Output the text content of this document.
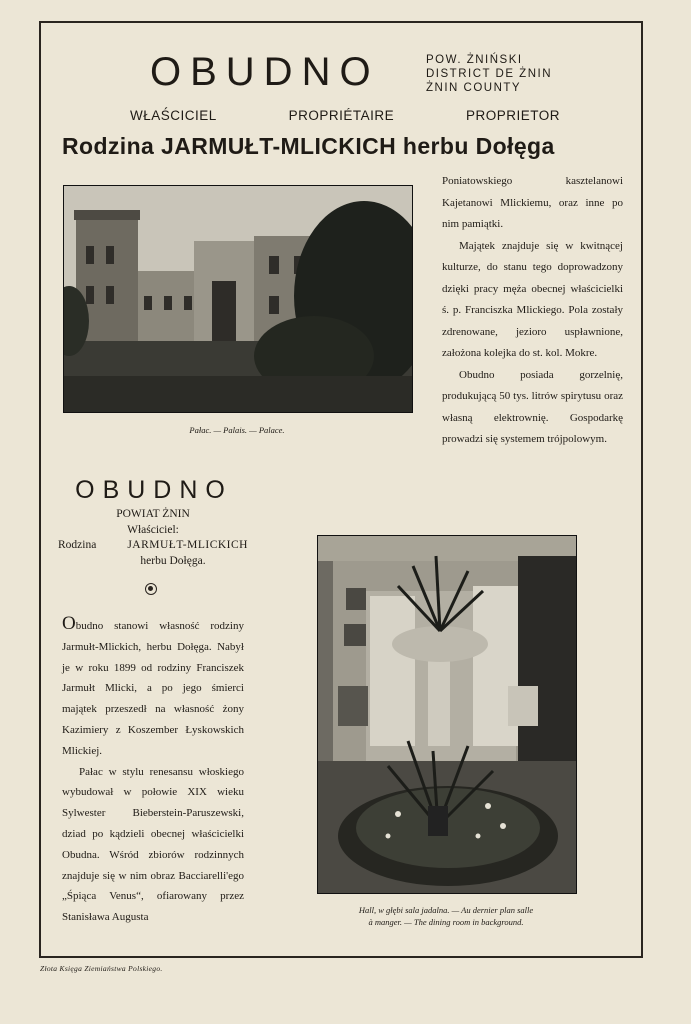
OBUDNO	POW. ŻNIŃSKI
DISTRICT DE ŻNIN
ŻNIN COUNTY
WŁAŚCICIEL	PROPRIÉTAIRE	PROPRIETOR
Rodzina JARMUŁT-MLICKICH herbu Dołęga
Pałac. — Palais. — Palace.

Poniatowskiego kasztelanowi Kajetanowi Mlickiemu, oraz inne po nim pamiątki.

Majątek znajduje się w kwitnącej kulturze, do stanu tego doprowadzony dzięki pracy męża obecnej właścicielki ś. p. Franciszka Mlickiego. Pola zostały zdrenowane, jezioro uspławnione, założona kolejka do st. kol. Mokre.

Obudno posiada gorzelnię, produkującą 50 tys. litrów spirytusu oraz własną elektrownię. Gospodarkę prowadzi się systemem trójpolowym.

OBUDNO
POWIAT ŻNIN
Właściciel:
Rodzina	JARMUŁT-MLICKICH
herbu Dołęga.

Obudno stanowi własność rodziny Jarmułt-Mlickich, herbu Dołęga. Nabył je w roku 1899 od rodziny Franciszek Jarmułt Mlicki, a po jego śmierci majątek przeszedł na własność żony Kazimiery z Koszember Łyskowskich Mlickiej.

Pałac w stylu renesansu włoskiego wybudował w połowie XIX wieku Sylwester Bieberstein-Paruszewski, dziad po kądzieli obecnej właścicielki Obudna. Wśród zbiorów rodzinnych znajduje się w nim obraz Bacciarelli'ego „Śpiąca Venus“, ofiarowany przez Stanisława Augusta

Hall, w głębi sala jadalna. — Au dernier plan salle
à manger. — The dining room in background.
Złota Księga Ziemiaństwa Polskiego.
